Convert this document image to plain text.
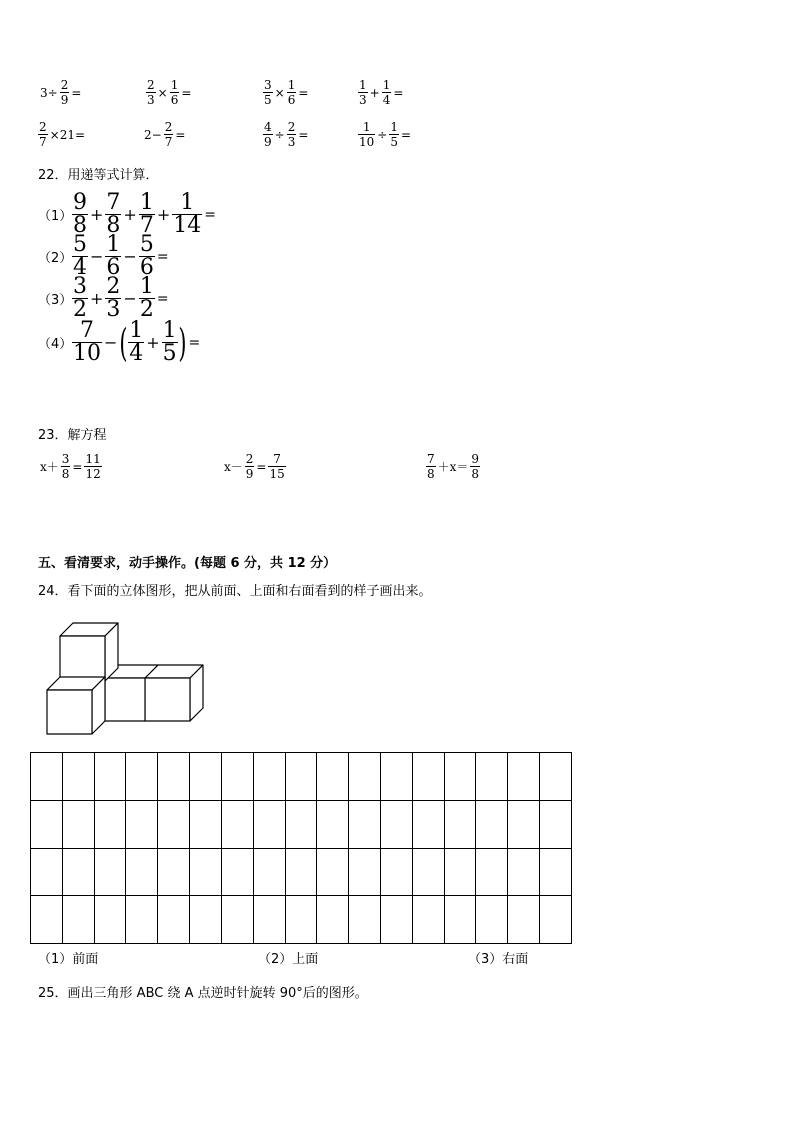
$3\div \frac{2}{9}$ =	$\frac{2}{3} \times \frac{1}{6}$ =	$\frac{3}{5} \times \frac{1}{6}$ =	$\frac{1}{3} + \frac{1}{4}$ =
$\frac{2}{7} \times 21=$	$2- \frac{2}{7}$ =	$\frac{4}{9} \div \frac{2}{3}$ =	$\frac{1}{10} \div \frac{1}{5}$ =
22．用递等式计算．
$(1) \frac{9}{8} + \frac{7}{8} + \frac{1}{7} + \frac{1}{14}$ =
$(2) \frac{5}{4} - \frac{1}{6} - \frac{5}{6}$ =
$(3) \frac{3}{2} + \frac{2}{3} - \frac{1}{2}$ =
$(4) \frac{7}{10}$ −( $\frac{1}{4} + \frac{1}{5}$ ) =
23．解方程
$x+ \frac{3}{8} = \frac{11}{12}$	$x- \frac{2}{9} = \frac{7}{15}$	$\frac{7}{8} +x= \frac{9}{8}$
五、看清要求，动手操作。(每题 6 分，共 12 分）
24．看下面的立体图形，把从前面、上面和右面看到的样子画出来。

（1）前面	（2）上面	（3）右面
25．画出三角形 ABC 绕 A 点逆时针旋转 90°后的图形。
